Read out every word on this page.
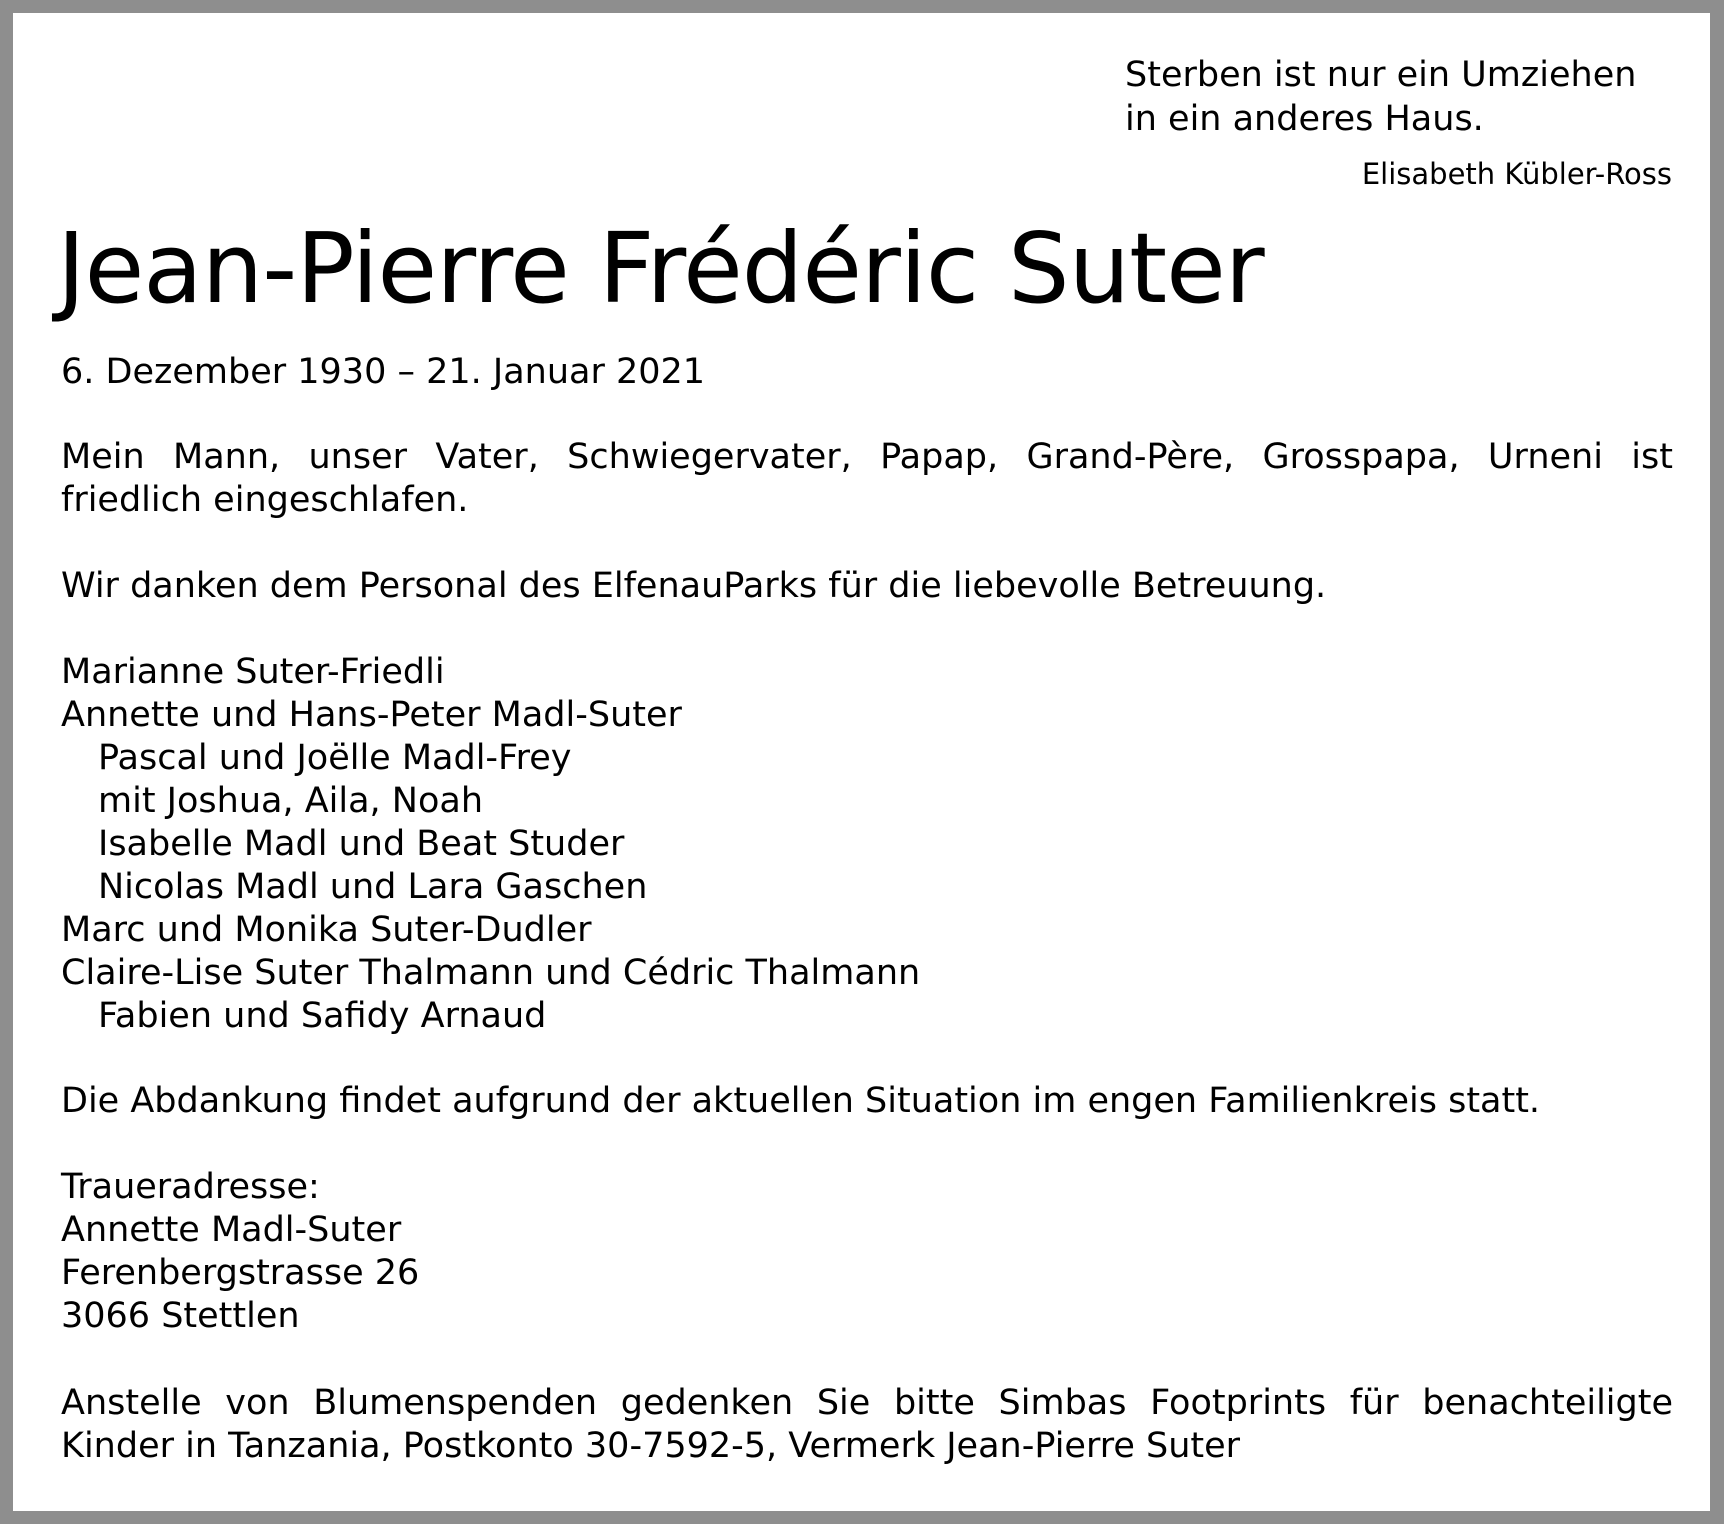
Sterben ist nur ein Umziehen
in ein anderes Haus.
Elisabeth Kübler-Ross
Jean-Pierre Frédéric Suter
6. Dezember 1930 – 21. Januar 2021
Mein Mann, unser Vater, Schwiegervater, Papap, Grand-Père, Grosspapa, Urneni ist
friedlich eingeschlafen.
Wir danken dem Personal des ElfenauParks für die liebevolle Betreuung.
Marianne Suter-Friedli
Annette und Hans-Peter Madl-Suter
Pascal und Joëlle Madl-Frey
mit Joshua, Aila, Noah
Isabelle Madl und Beat Studer
Nicolas Madl und Lara Gaschen
Marc und Monika Suter-Dudler
Claire-Lise Suter Thalmann und Cédric Thalmann
Fabien und Safidy Arnaud
Die Abdankung findet aufgrund der aktuellen Situation im engen Familienkreis statt.
Traueradresse:
Annette Madl-Suter
Ferenbergstrasse 26
3066 Stettlen
Anstelle von Blumenspenden gedenken Sie bitte Simbas Footprints für benachteiligte
Kinder in Tanzania, Postkonto 30-7592-5, Vermerk Jean-Pierre Suter
